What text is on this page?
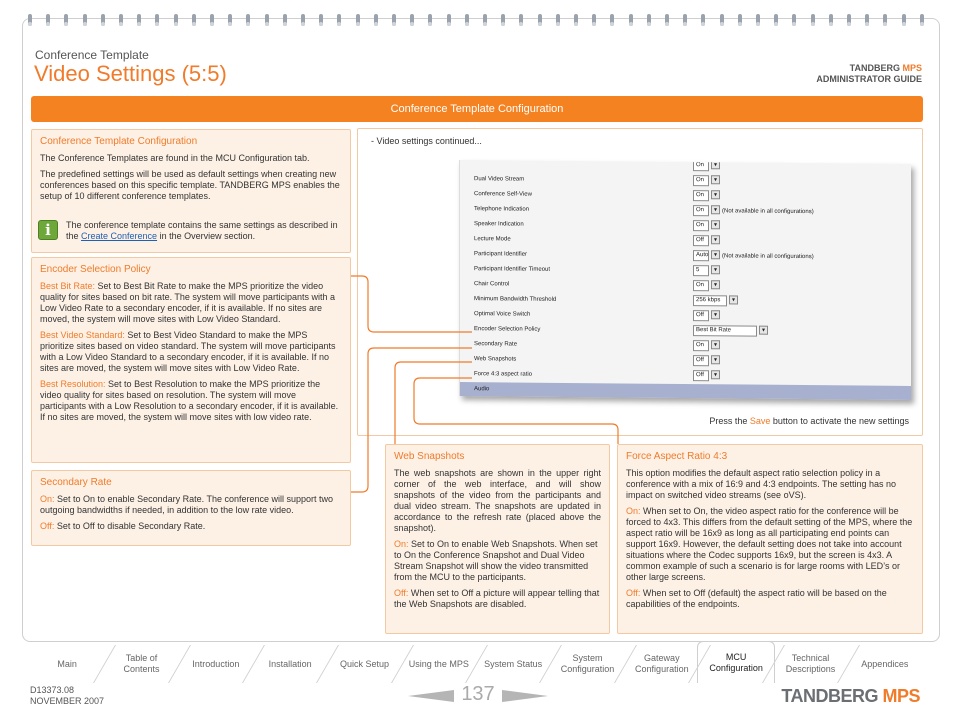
Conference Template
Video Settings (5:5)	TANDBERG MPS
ADMINISTRATOR GUIDE
Conference Template Configuration
Conference Template Configuration

The Conference Templates are found in the MCU Configuration tab.

The predefined settings will be used as default settings when creating new conferences based on this specific template. TANDBERG MPS enables the setup of 10 different conference templates.

i	The conference template contains the same settings as described in the Create Conference in the Overview section.
Encoder Selection Policy

Best Bit Rate: Set to Best Bit Rate to make the MPS prioritize the video quality for sites based on bit rate. The system will move participants with a Low Video Rate to a secondary encoder, if it is available. If no sites are moved, the system will move sites with Low Video Standard.

Best Video Standard: Set to Best Video Standard to make the MPS prioritize sites based on video standard. The system will move participants with a Low Video Standard to a secondary encoder, if it is available. If no sites are moved, the system will move sites with Low Video Rate.

Best Resolution: Set to Best Resolution to make the MPS prioritize the video quality for sites based on resolution. The system will move participants with a Low Resolution to a secondary encoder, if it is available. If no sites are moved, the system will move sites with low video rate.

Secondary Rate

On: Set to On to enable Secondary Rate. The conference will support two outgoing bandwidths if needed, in addition to the low rate video.

Off: Set to Off to disable Secondary Rate.

- Video settings continued...
Press the Save button to activate the new settings
On	▾
Dual Video Stream	On	▾
Conference Self-View	On	▾
Telephone Indication	On	▾ (Not available in all configurations)
Speaker Indication	On	▾
Lecture Mode	Off	▾
Participant Identifier	Auto ▾ (Not available in all configurations)
Participant Identifier Timeout	5	▾
Chair Control	On	▾
Minimum Bandwidth Threshold	256 kbps	▾
Optimal Voice Switch	Off	▾
Encoder Selection Policy	Best Bit Rate	▾
Secondary Rate	On	▾
Web Snapshots	Off	▾
Force 4:3 aspect ratio	Off	▾
Audio
Web Snapshots

The web snapshots are shown in the upper right corner of the web interface, and will show snapshots of the video from the participants and dual video stream. The snapshots are updated in accordance to the refresh rate (placed above the snapshot).

On: Set to On to enable Web Snapshots. When set to On the Conference Snapshot and Dual Video Stream Snapshot will show the video transmitted from the MCU to the participants.

Off: When set to Off a picture will appear telling that the Web Snapshots are disabled.

Force Aspect Ratio 4:3

This option modifies the default aspect ratio selection policy in a conference with a mix of 16:9 and 4:3 endpoints. The setting has no impact on switched video streams (see oVS).

On: When set to On, the video aspect ratio for the conference will be forced to 4x3. This differs from the default setting of the MPS, where the aspect ratio will be 16x9 as long as all participating end points can support 16x9. However, the default setting does not take into account situations where the Codec supports 16x9, but the screen is 4x3. A common example of such a scenario is for large rooms with LED’s or other large screens.

Off: When set to Off (default) the aspect ratio will be based on the capabilities of the endpoints.

Main
Table of Contents
Introduction	Installation	Quick Setup	Using the MPS	System Status
System Configuration
Gateway Configuration
MCU Configuration
Technical Descriptions
Appendices
D13373.08
NOVEMBER 2007	137	TANDBERG MPS
